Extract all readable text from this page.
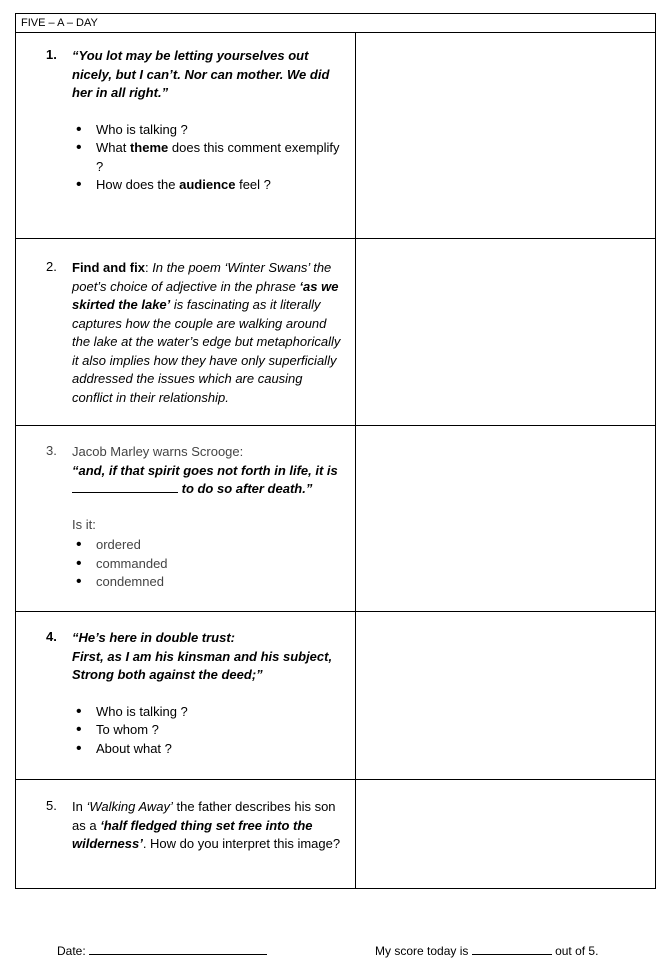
FIVE – A – DAY
1. “You lot may be letting yourselves out nicely, but I can’t. Nor can mother. We did her in all right.”
• Who is talking ?
• What theme does this comment exemplify ?
• How does the audience feel ?
2. Find and fix: In the poem ‘Winter Swans’ the poet’s choice of adjective in the phrase ‘as we skirted the lake’ is fascinating as it literally captures how the couple are walking around the lake at the water’s edge but metaphorically it also implies how they have only superficially addressed the issues which are causing conflict in their relationship.
3. Jacob Marley warns Scrooge:
“and, if that spirit goes not forth in life, it is
to do so after death.”
Is it:
• ordered
• commanded
• condemned
4. “He’s here in double trust:
First, as I am his kinsman and his subject,
Strong both against the deed;”
• Who is talking ?
• To whom ?
• About what ?
5. In ‘Walking Away’ the father describes his son as a ‘half fledged thing set free into the wilderness’. How do you interpret this image?
Date:	My score today is	out of 5.
